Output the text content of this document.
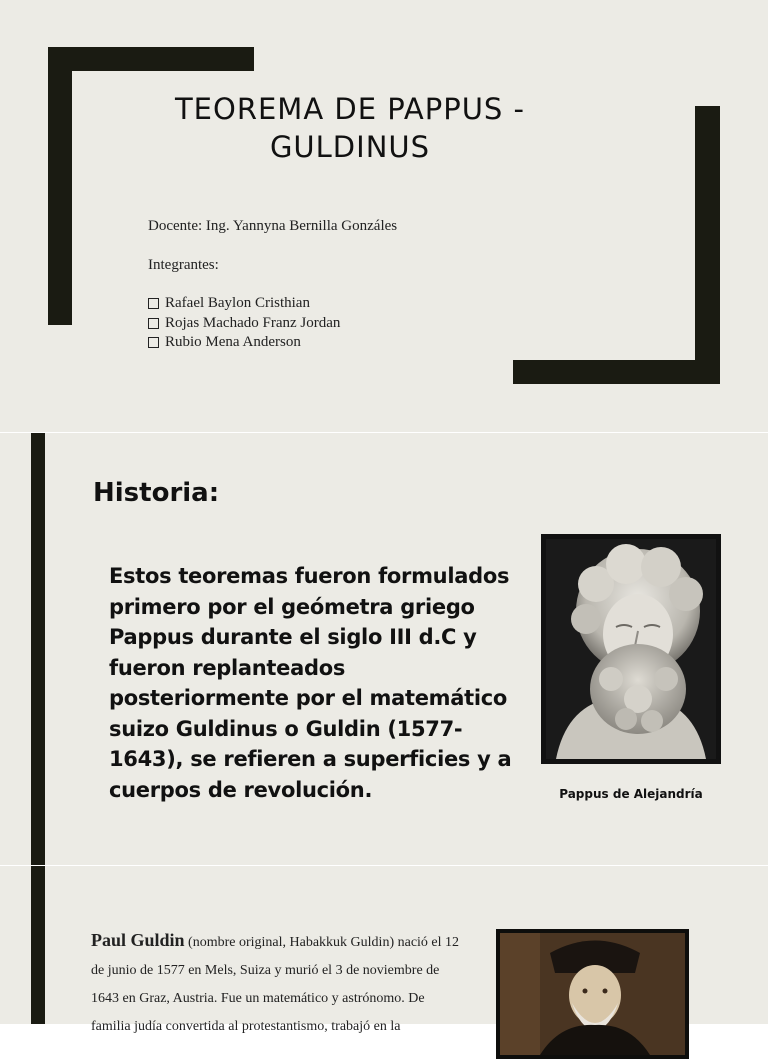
TEOREMA DE PAPPUS - GULDINUS
Docente: Ing. Yannyna Bernilla Gonzáles
Integrantes:
Rafael Baylon Cristhian
Rojas Machado Franz Jordan
Rubio Mena Anderson
Historia:
Estos teoremas fueron formulados primero por el geómetra griego Pappus durante el siglo III d.C y fueron replanteados posteriormente por el matemático suizo Guldinus o Guldin (1577-1643), se refieren a superficies y a cuerpos de revolución.	Pappus de Alejandría
Paul Guldin (nombre original, Habakkuk Guldin) nació el 12 de junio de 1577 en Mels, Suiza y murió el 3 de noviembre de 1643 en Graz, Austria. Fue un matemático y astrónomo. De familia judía convertida al protestantismo, trabajó en la
